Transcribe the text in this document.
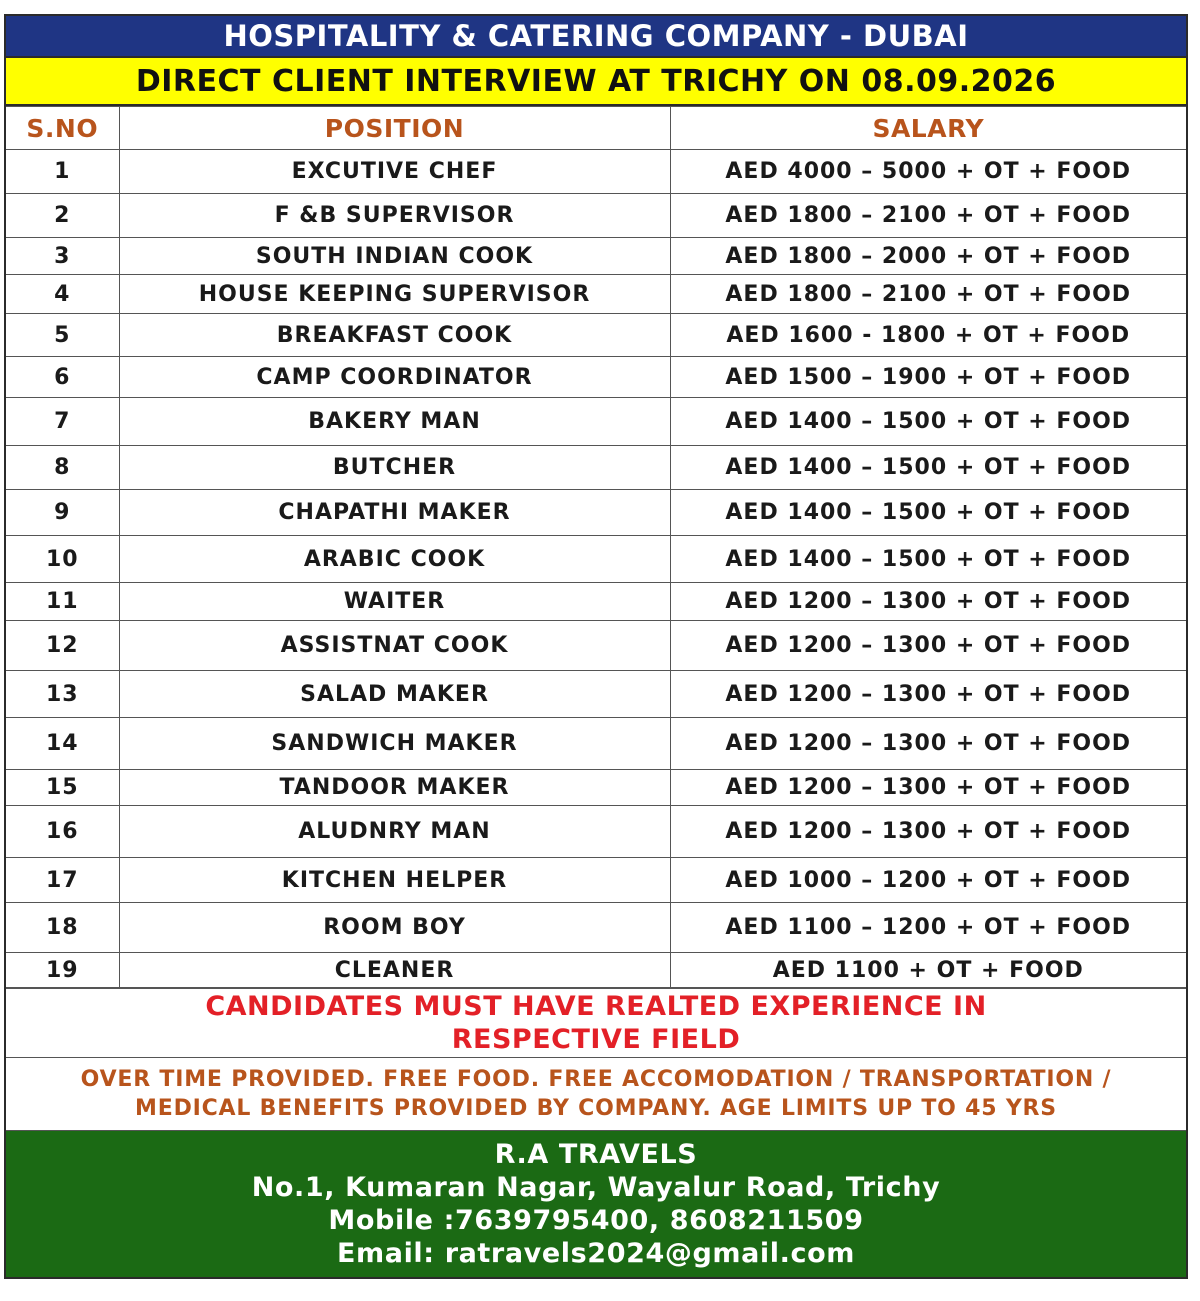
HOSPITALITY & CATERING COMPANY - DUBAI
DIRECT CLIENT INTERVIEW AT TRICHY ON 08.09.2026
S.NO	POSITION	SALARY
1	EXCUTIVE CHEF	AED 4000 – 5000 + OT + FOOD
2	F &B SUPERVISOR	AED 1800 – 2100 + OT + FOOD
3	SOUTH INDIAN COOK	AED 1800 – 2000 + OT + FOOD
4	HOUSE KEEPING SUPERVISOR	AED 1800 – 2100 + OT + FOOD
5	BREAKFAST COOK	AED 1600 - 1800 + OT + FOOD
6	CAMP COORDINATOR	AED 1500 – 1900 + OT + FOOD
7	BAKERY MAN	AED 1400 – 1500 + OT + FOOD
8	BUTCHER	AED 1400 – 1500 + OT + FOOD
9	CHAPATHI MAKER	AED 1400 – 1500 + OT + FOOD
10	ARABIC COOK	AED 1400 – 1500 + OT + FOOD
11	WAITER	AED 1200 – 1300 + OT + FOOD
12	ASSISTNAT COOK	AED 1200 – 1300 + OT + FOOD
13	SALAD MAKER	AED 1200 – 1300 + OT + FOOD
14	SANDWICH MAKER	AED 1200 – 1300 + OT + FOOD
15	TANDOOR MAKER	AED 1200 – 1300 + OT + FOOD
16	ALUDNRY MAN	AED 1200 – 1300 + OT + FOOD
17	KITCHEN HELPER	AED 1000 – 1200 + OT + FOOD
18	ROOM BOY	AED 1100 – 1200 + OT + FOOD
19	CLEANER	AED 1100 + OT + FOOD
CANDIDATES MUST HAVE REALTED EXPERIENCE IN
RESPECTIVE FIELD
OVER TIME PROVIDED. FREE FOOD. FREE ACCOMODATION / TRANSPORTATION /
MEDICAL BENEFITS PROVIDED BY COMPANY. AGE LIMITS UP TO 45 YRS
R.A TRAVELS
No.1, Kumaran Nagar, Wayalur Road, Trichy
Mobile :7639795400, 8608211509
Email: ratravels2024@gmail.com
